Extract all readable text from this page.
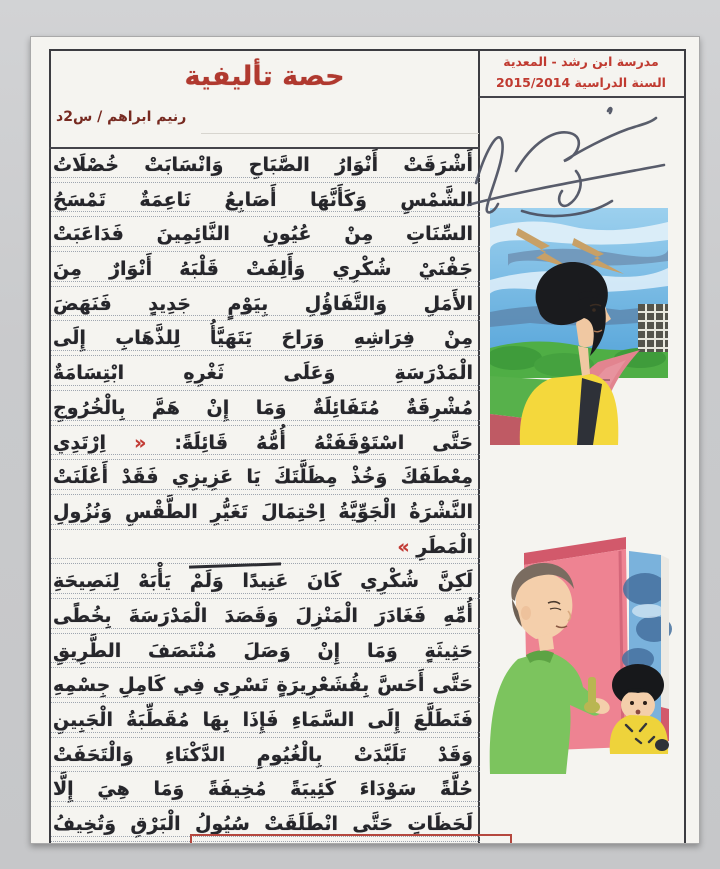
حصة تأليفية
رنيم ابراهم / س2د
مدرسة ابن رشد - المعدية
السنة الدراسية 2015/2014
أَشْرَقَتْ أَنْوَارُ الصَّبَاحِ وَانْسَابَتْ خُصْلَاتُ
الشَّمْسِ وَكَأَنَّهَا أَصَابِعُ نَاعِمَةٌ تَمْسَحُ
السِّنَاتِ مِنْ عُيُونِ النَّائِمِينَ فَدَاعَبَتْ
جَفْنَيْ شُكْرِي وَأَلِفَتْ قَلْبَهُ أَنْوَارٌ مِنَ
الأَمَلِ وَالتَّفَاؤُلِ بِيَوْمٍ جَدِيدٍ فَنَهَضَ
مِنْ فِرَاشِهِ وَرَاحَ يَتَهَيَّأُ لِلذَّهَابِ إِلَى
الْمَدْرَسَةِ وَعَلَى ثَغْرِهِ ابْتِسَامَةٌ
مُشْرِقَةٌ مُتَفَائِلَةٌ وَمَا إِنْ هَمَّ بِالْخُرُوجِ
حَتَّى اسْتَوْقَفَتْهُ أُمُّهُ قَائِلَةً: « اِرْتَدِي
مِعْطَفَكَ وَخُذْ مِظَلَّتَكَ يَا عَزِيزِي فَقَدْ أَعْلَنَتْ
النَّشْرَةُ الْجَوِّيَّةُ اِحْتِمَالَ تَغَيُّرِ الطَّقْسِ وَنُزُولِ
الْمَطَرِ »
لَكِنَّ شُكْرِي كَانَ عَنِيدًا وَلَمْ يَأْبَهْ لِنَصِيحَةِ
أُمِّهِ فَغَادَرَ الْمَنْزِلَ وَقَصَدَ الْمَدْرَسَةَ بِخُطًى
حَثِيثَةٍ وَمَا إِنْ وَصَلَ مُنْتَصَفَ الطَّرِيقِ
حَتَّى أَحَسَّ بِقُشَعْرِيرَةٍ تَسْرِي فِي كَامِلِ جِسْمِهِ
فَتَطَلَّعَ إِلَى السَّمَاءِ فَإِذَا بِهَا مُقَطِّبَةُ الْجَبِينِ
وَقَدْ تَلَبَّدَتْ بِالْغُيُومِ الدَّكْنَاءِ وَالْتَحَفَتْ
حُلَّةً سَوْدَاءَ كَئِيبَةً مُخِيفَةً وَمَا هِيَ إِلَّا
لَحَظَاتٍ حَتَّى انْطَلَقَتْ سُيُولُ الْبَرْقِ وَتُخِيفُ
